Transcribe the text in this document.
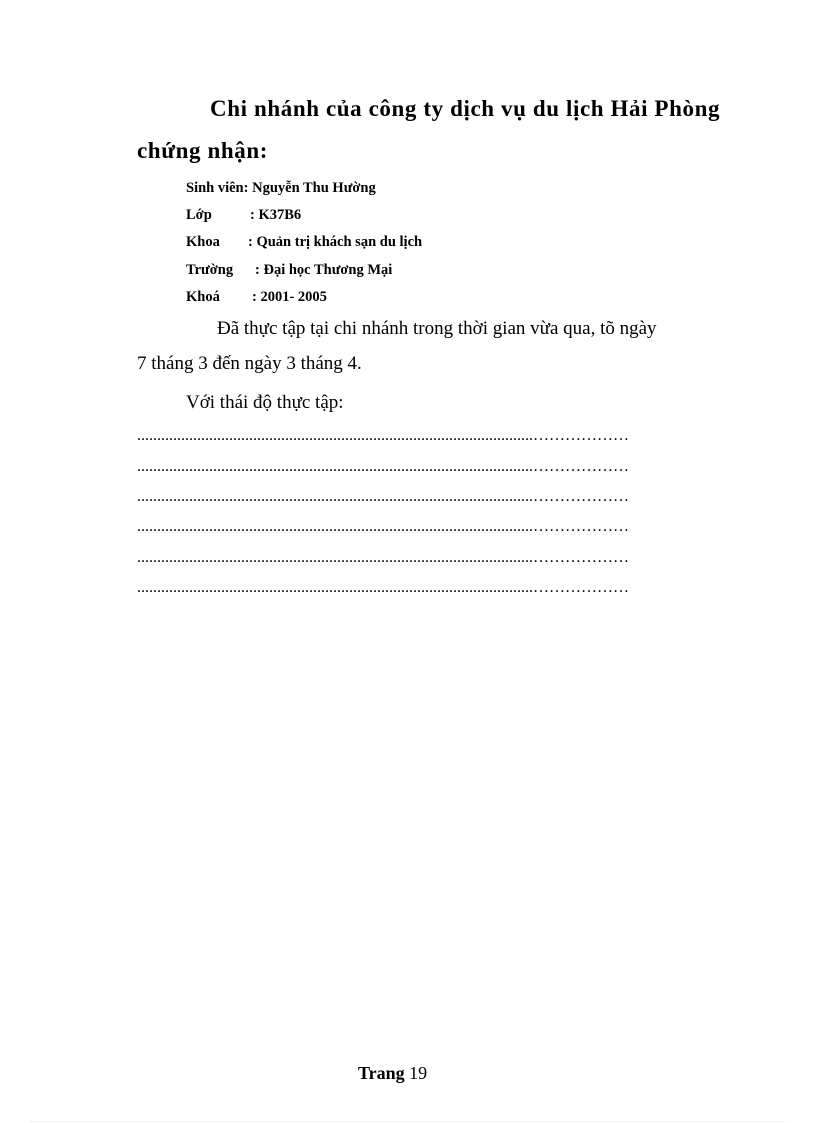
Chi nhánh của công ty dịch vụ du lịch Hải Phòng
chứng nhận:
Sinh viên: Nguyễn Thu Hường
Lớp	: K37B6
Khoa : Quản trị khách sạn du lịch
Trường : Đại học Thương Mại
Khoá : 2001- 2005
Đã thực tập tại chi nhánh trong thời gian vừa qua, tõ ngày
7 tháng 3 đến ngày 3 tháng 4.
Với thái độ thực tập:
...................................................................................................………………
...................................................................................................………………
...................................................................................................………………
...................................................................................................………………
...................................................................................................………………
...................................................................................................………………
Trang 19
